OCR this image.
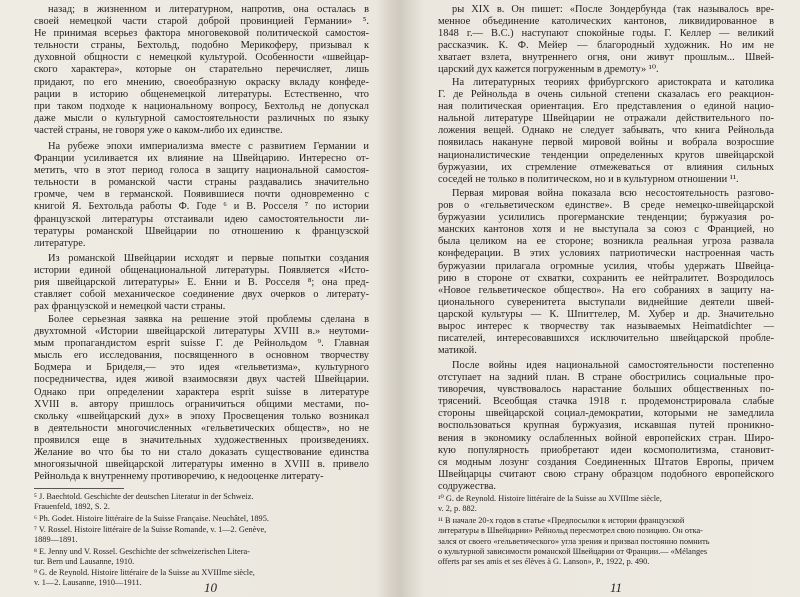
назад; в жизненном и литературном, напротив, она осталась в
своей немецкой части старой доброй провинцией Германии» ⁵.
Не принимая всерьез фактора многовековой политической самостоя-
тельности страны, Бехтольд, подобно Мерикоферу, призывал к
духовной общности с немецкой культурой. Особенности «швейцар-
ского характера», которые он старательно перечисляет, лишь
придают, по его мнению, своеобразную окраску вкладу конфеде-
рации в историю общенемецкой литературы. Естественно, что
при таком подходе к национальному вопросу, Бехтольд не допускал
даже мысли о культурной самостоятельности различных по языку
частей страны, не говоря уже о каком-либо их единстве.
На рубеже эпохи империализма вместе с развитием Германии и
Франции усиливается их влияние на Швейцарию. Интересно от-
метить, что в этот период голоса в защиту национальной самостоя-
тельности в романской части страны раздавались значительно
громче, чем в германской. Появившиеся почти одновременно с
книгой Я. Бехтольда работы Ф. Годе ⁶ и В. Росселя ⁷ по истории
французской литературы отстаивали идею самостоятельности ли-
тературы романской Швейцарии по отношению к французской
литературе.
Из романской Швейцарии исходят и первые попытки создания
истории единой общенациональной литературы. Появляется «Исто-
рия швейцарской литературы» Е. Енни и В. Росселя ⁸; она пред-
ставляет собой механическое соединение двух очерков о литерату-
рах французской и немецкой части страны.
Более серьезная заявка на решение этой проблемы сделана в
двухтомной «Истории швейцарской литературы XVIII в.» неутоми-
мым пропагандистом esprit suisse Г. де Рейнольдом ⁹. Главная
мысль его исследования, посвященного в основном творчеству
Бодмера и Бриделя,— это идея «гельветизма», культурного
посредничества, идея живой взаимосвязи двух частей Швейцарии.
Однако при определении характера esprit suisse в литературе
XVIII в. автору пришлось ограничиться общими местами, по-
скольку «швейцарский дух» в эпоху Просвещения только возникал
в деятельности многочисленных «гельветических обществ», но не
проявился еще в значительных художественных произведениях.
Желание во что бы то ни стало доказать существование единства
многоязычной швейцарской литературы именно в XVIII в. привело
Рейнольда к внутреннему противоречию, к недооценке литерату-
⁵ J. Baechtold. Geschichte der deutschen Literatur in der Schweiz.
Frauenfeld, 1892, S. 2.
⁶ Ph. Godet. Histoire littéraire de la Suisse Française. Neuchâtel, 1895.
⁷ V. Rossel. Histoire littéraire de la Suisse Romande, v. 1—2. Genève,
1889—1891.
⁸ E. Jenny und V. Rossel. Geschichte der schweizerischen Litera-
tur. Bern und Lausanne, 1910.
⁹ G. de Reynold. Histoire littéraire de la Suisse au XVIIIme siècle,
v. 1—2. Lausanne, 1910—1911.	10
ры XIX в. Он пишет: «После Зондербунда (так называлось вре-
менное объединение католических кантонов, ликвидированное в
1848 г.— В.С.) наступают спокойные годы. Г. Келлер — великий
рассказчик. К. Ф. Мейер — благородный художник. Но им не
хватает взлета, внутреннего огня, они живут прошлым... Швей-
царский дух кажется погруженным в дремоту» ¹⁰.
На литературных теориях фрибургского аристократа и католика
Г. де Рейнольда в очень сильной степени сказалась его реакцион-
ная политическая ориентация. Его представления о единой нацио-
нальной литературе Швейцарии не отражали действительного по-
ложения вещей. Однако не следует забывать, что книга Рейнольда
появилась накануне первой мировой войны и вобрала возросшие
националистические тенденции определенных кругов швейцарской
буржуазии, их стремление отмежеваться от влияния сильных
соседей не только в политическом, но и в культурном отношении ¹¹.
Первая мировая война показала всю несостоятельность разгово-
ров о «гельветическом единстве». В среде немецко-швейцарской
буржуазии усилились прогерманские тенденции; буржуазия ро-
манских кантонов хотя и не выступала за союз с Францией, но
была целиком на ее стороне; возникла реальная угроза развала
конфедерации. В этих условиях патриотически настроенная часть
буржуазии прилагала огромные усилия, чтобы удержать Швейца-
рию в стороне от схватки, сохранить ее нейтралитет. Возродилось
«Новое гельветическое общество». На его собраниях в защиту на-
ционального суверенитета выступали виднейшие деятели швей-
царской культуры — К. Шпиттелер, М. Хубер и др. Значительно
вырос интерес к творчеству так называемых Heimatdichter —
писателей, интересовавшихся исключительно швейцарской пробле-
матикой.
После войны идея национальной самостоятельности постепенно
отступает на задний план. В стране обострились социальные про-
тиворечия, чувствовалось нарастание больших общественных по-
трясений. Всеобщая стачка 1918 г. продемонстрировала слабые
стороны швейцарской социал-демократии, которыми не замедлила
воспользоваться крупная буржуазия, искавшая путей проникно-
вения в экономику ослабленных войной европейских стран. Широ-
кую популярность приобретают идеи космополитизма, становит-
ся модным лозунг создания Соединенных Штатов Европы, причем
Швейцарцы считают свою страну образцом подобного европейского
содружества.
¹⁰ G. de Reynold. Histoire littéraire de la Suisse au XVIIIme siècle,
v. 2, p. 882.
¹¹ В начале 20-х годов в статье «Предпосылки к истории французской
литературы в Швейцарии» Рейнольд пересмотрел свою позицию. Он отка-
зался от своего «гельветического» угла зрения и призвал постоянно помнить
о культурной зависимости романской Швейцарии от Франции.— «Mélanges
offerts par ses amis et ses élèves à G. Lanson», P., 1922, p. 490.
11
